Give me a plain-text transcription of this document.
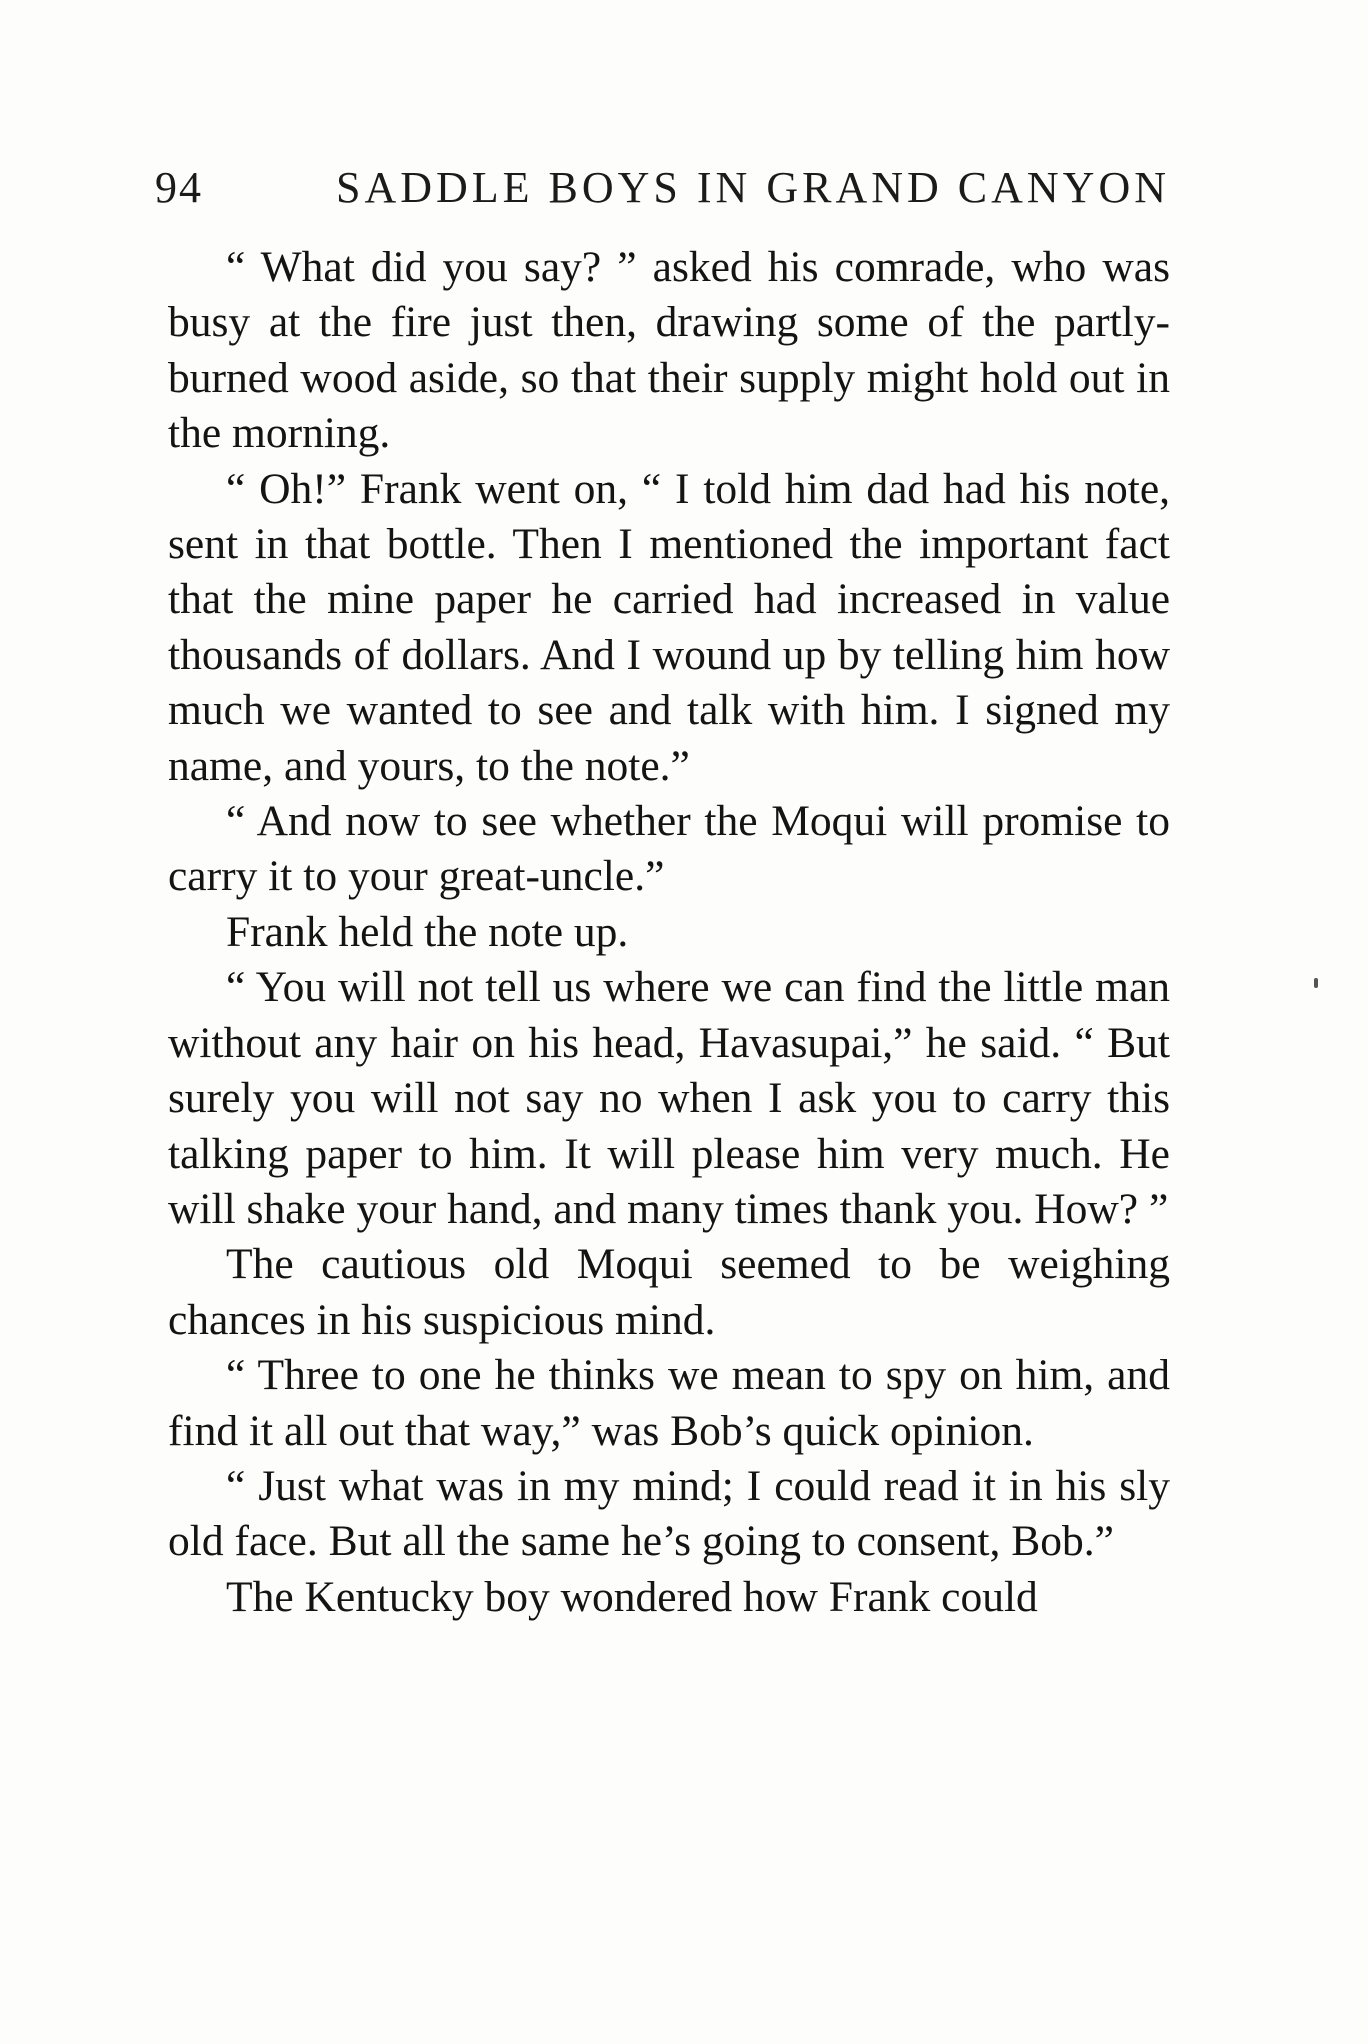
94	SADDLE BOYS IN GRAND CANYON

“ What did you say? ” asked his comrade, who was busy at the fire just then, drawing some of the partly-burned wood aside, so that their supply might hold out in the morning.

“ Oh!” Frank went on, “ I told him dad had his note, sent in that bottle. Then I mentioned the important fact that the mine paper he carried had increased in value thousands of dollars. And I wound up by telling him how much we wanted to see and talk with him. I signed my name, and yours, to the note.”

“ And now to see whether the Moqui will promise to carry it to your great-uncle.”

Frank held the note up.

“ You will not tell us where we can find the little man without any hair on his head, Havasupai,” he said. “ But surely you will not say no when I ask you to carry this talking paper to him. It will please him very much. He will shake your hand, and many times thank you. How? ”

The cautious old Moqui seemed to be weighing chances in his suspicious mind.

“ Three to one he thinks we mean to spy on him, and find it all out that way,” was Bob’s quick opinion.

“ Just what was in my mind; I could read it in his sly old face. But all the same he’s going to consent, Bob.”

The Kentucky boy wondered how Frank could
